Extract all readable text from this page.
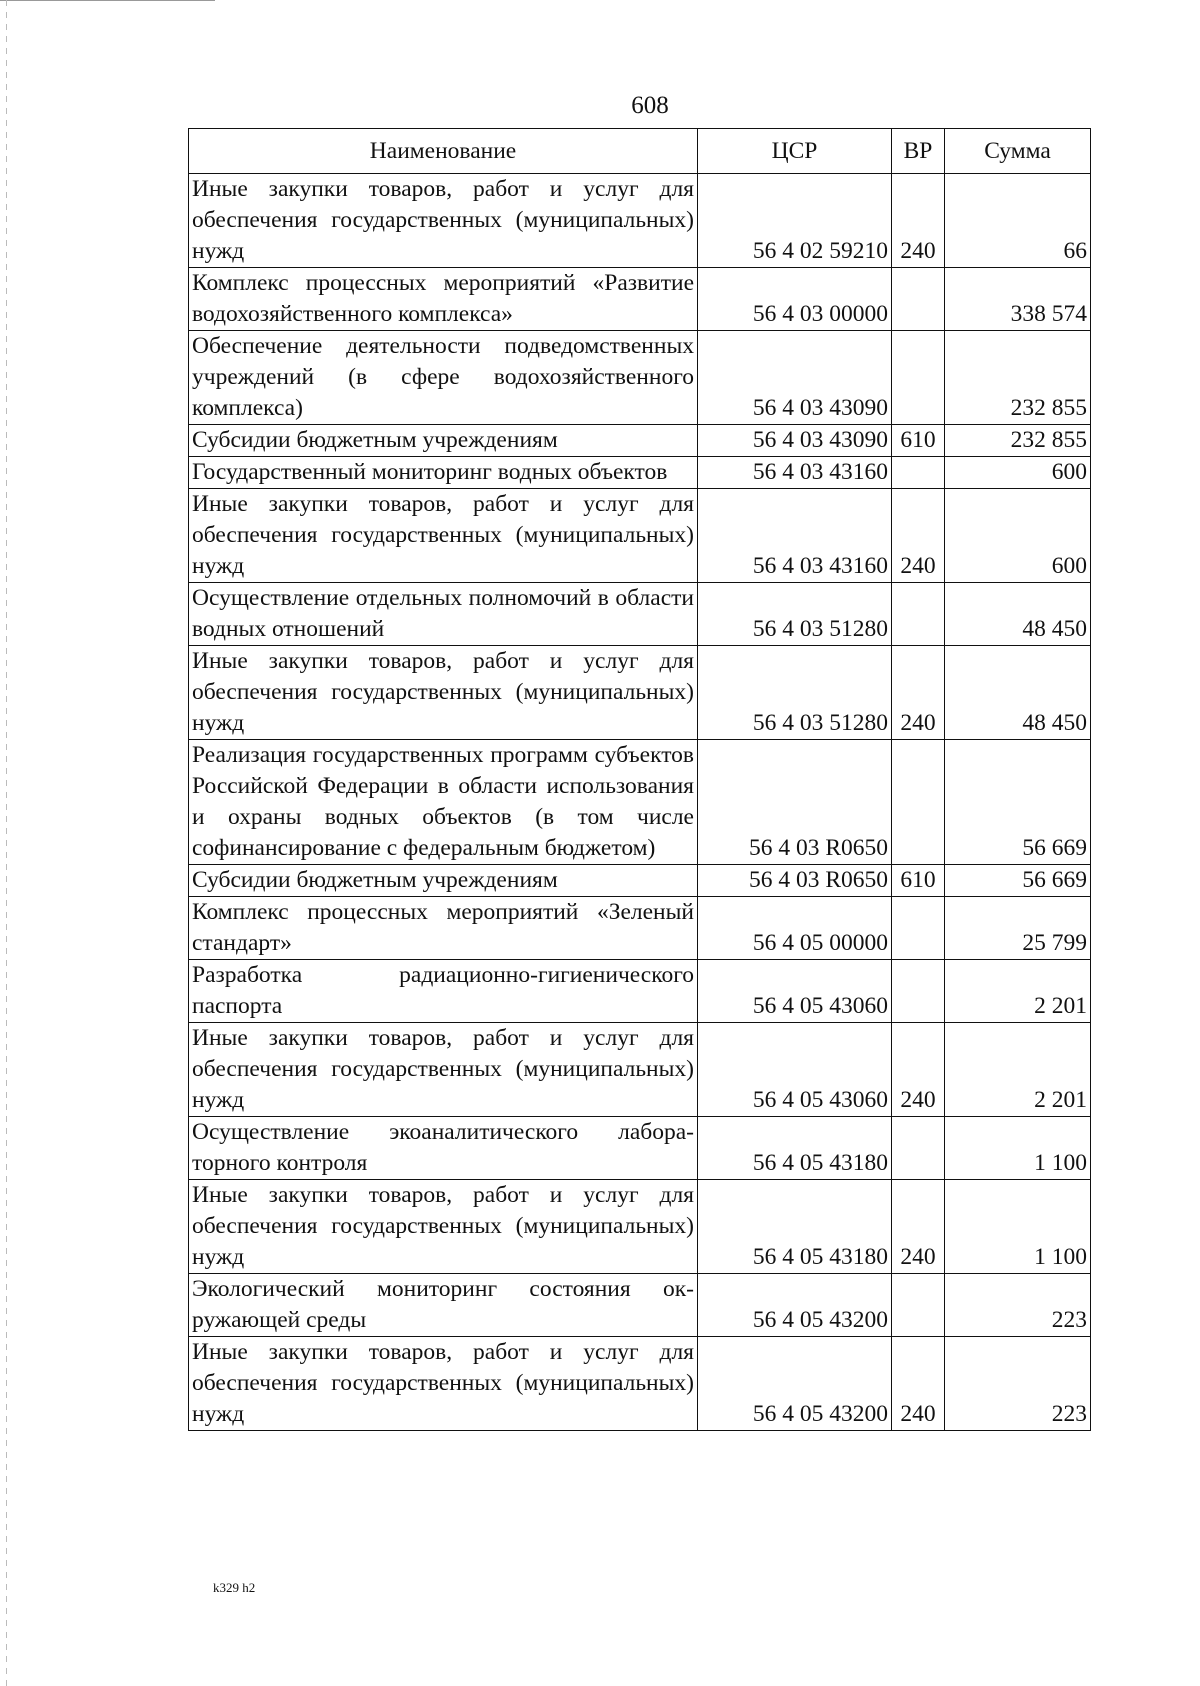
608
Наименование	ЦСР	ВР	Сумма
Иные закупки товаров, работ и услуг для обеспечения государственных (муниципальных) нужд	56 4 02 59210	240	66
Комплекс процессных мероприятий «Развитие водохозяйственного комплекса»	56 4 03 00000		338 574
Обеспечение деятельности подведомственных учреждений (в сфере водохозяйственного комплекса)	56 4 03 43090		232 855
Субсидии бюджетным учреждениям	56 4 03 43090	610	232 855
Государственный мониторинг водных объектов	56 4 03 43160		600
Иные закупки товаров, работ и услуг для обеспечения государственных (муниципальных) нужд	56 4 03 43160	240	600
Осуществление отдельных полномочий в области водных отношений	56 4 03 51280		48 450
Иные закупки товаров, работ и услуг для обеспечения государственных (муниципальных) нужд	56 4 03 51280	240	48 450
Реализация государственных программ субъектов Российской Федерации в области использования и охраны водных объектов (в том числе софинансирование с федеральным бюджетом)	56 4 03 R0650		56 669
Субсидии бюджетным учреждениям	56 4 03 R0650	610	56 669
Комплекс процессных мероприятий «Зеленый стандарт»	56 4 05 00000		25 799
Разработка радиационно-гигиенического паспорта	56 4 05 43060		2 201
Иные закупки товаров, работ и услуг для обеспечения государственных (муниципальных) нужд	56 4 05 43060	240	2 201
Осуществление экоаналитического лабораторного контроля	56 4 05 43180		1 100
Иные закупки товаров, работ и услуг для обеспечения государственных (муниципальных) нужд	56 4 05 43180	240	1 100
Экологический мониторинг состояния окружающей среды	56 4 05 43200		223
Иные закупки товаров, работ и услуг для обеспечения государственных (муниципальных) нужд	56 4 05 43200	240	223
k329 h2
